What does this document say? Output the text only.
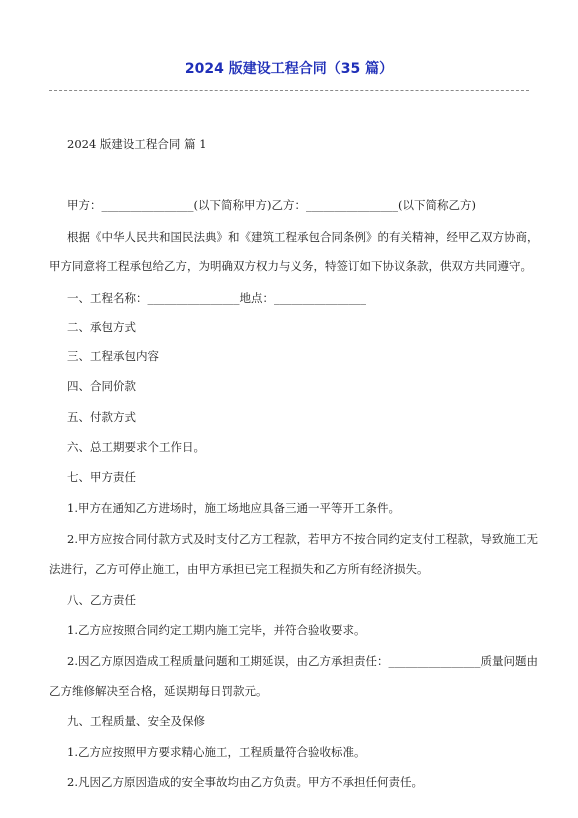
2024 版建设工程合同（35 篇）
2024 版建设工程合同 篇 1
甲方：________________(以下简称甲方)乙方：________________(以下简称乙方)
根据《中华人民共和国民法典》和《建筑工程承包合同条例》的有关精神，经甲乙双方协商，
甲方同意将工程承包给乙方，为明确双方权力与义务，特签订如下协议条款，供双方共同遵守。
一、工程名称：________________地点：________________
二、承包方式
三、工程承包内容
四、合同价款
五、付款方式
六、总工期要求个工作日。
七、甲方责任
1.甲方在通知乙方进场时，施工场地应具备三通一平等开工条件。
2.甲方应按合同付款方式及时支付乙方工程款，若甲方不按合同约定支付工程款，导致施工无
法进行，乙方可停止施工，由甲方承担已完工程损失和乙方所有经济损失。
八、乙方责任
1.乙方应按照合同约定工期内施工完毕，并符合验收要求。
2.因乙方原因造成工程质量问题和工期延误，由乙方承担责任：________________质量问题由
乙方维修解决至合格，延误期每日罚款元。
九、工程质量、安全及保修
1.乙方应按照甲方要求精心施工，工程质量符合验收标准。
2.凡因乙方原因造成的安全事故均由乙方负责。甲方不承担任何责任。
